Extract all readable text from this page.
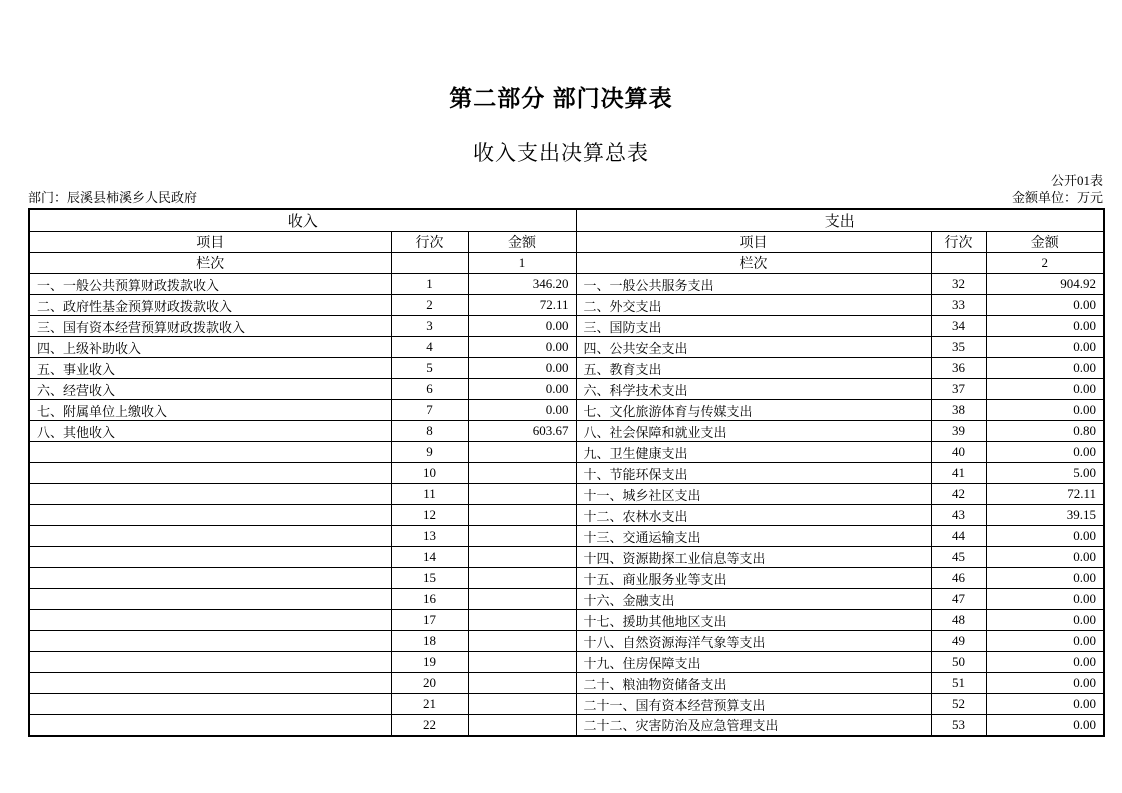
第二部分 部门决算表
收入支出决算总表
公开01表
部门：辰溪县柿溪乡人民政府	金额单位：万元
收入			支出		
项目	行次	金额	项目	行次	金额
栏次		1	栏次		2
一、一般公共预算财政拨款收入	1	346.20	一、一般公共服务支出	32	904.92
二、政府性基金预算财政拨款收入	2	72.11	二、外交支出	33	0.00
三、国有资本经营预算财政拨款收入	3	0.00	三、国防支出	34	0.00
四、上级补助收入	4	0.00	四、公共安全支出	35	0.00
五、事业收入	5	0.00	五、教育支出	36	0.00
六、经营收入	6	0.00	六、科学技术支出	37	0.00
七、附属单位上缴收入	7	0.00	七、文化旅游体育与传媒支出	38	0.00
八、其他收入	8	603.67	八、社会保障和就业支出	39	0.80
	9		九、卫生健康支出	40	0.00
	10		十、节能环保支出	41	5.00
	11		十一、城乡社区支出	42	72.11
	12		十二、农林水支出	43	39.15
	13		十三、交通运输支出	44	0.00
	14		十四、资源勘探工业信息等支出	45	0.00
	15		十五、商业服务业等支出	46	0.00
	16		十六、金融支出	47	0.00
	17		十七、援助其他地区支出	48	0.00
	18		十八、自然资源海洋气象等支出	49	0.00
	19		十九、住房保障支出	50	0.00
	20		二十、粮油物资储备支出	51	0.00
	21		二十一、国有资本经营预算支出	52	0.00
	22		二十二、灾害防治及应急管理支出	53	0.00
